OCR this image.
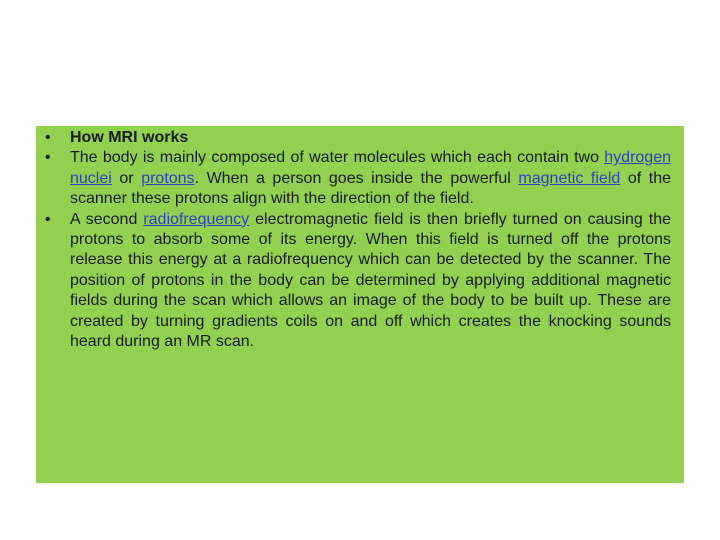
• How MRI works
• The body is mainly composed of water molecules which each contain two hydrogen nuclei or protons. When a person goes inside the powerful magnetic field of the scanner these protons align with the direction of the field.
• A second radiofrequency electromagnetic field is then briefly turned on causing the protons to absorb some of its energy. When this field is turned off the protons release this energy at a radiofrequency which can be detected by the scanner. The position of protons in the body can be determined by applying additional magnetic fields during the scan which allows an image of the body to be built up. These are created by turning gradients coils on and off which creates the knocking sounds heard during an MR scan.
